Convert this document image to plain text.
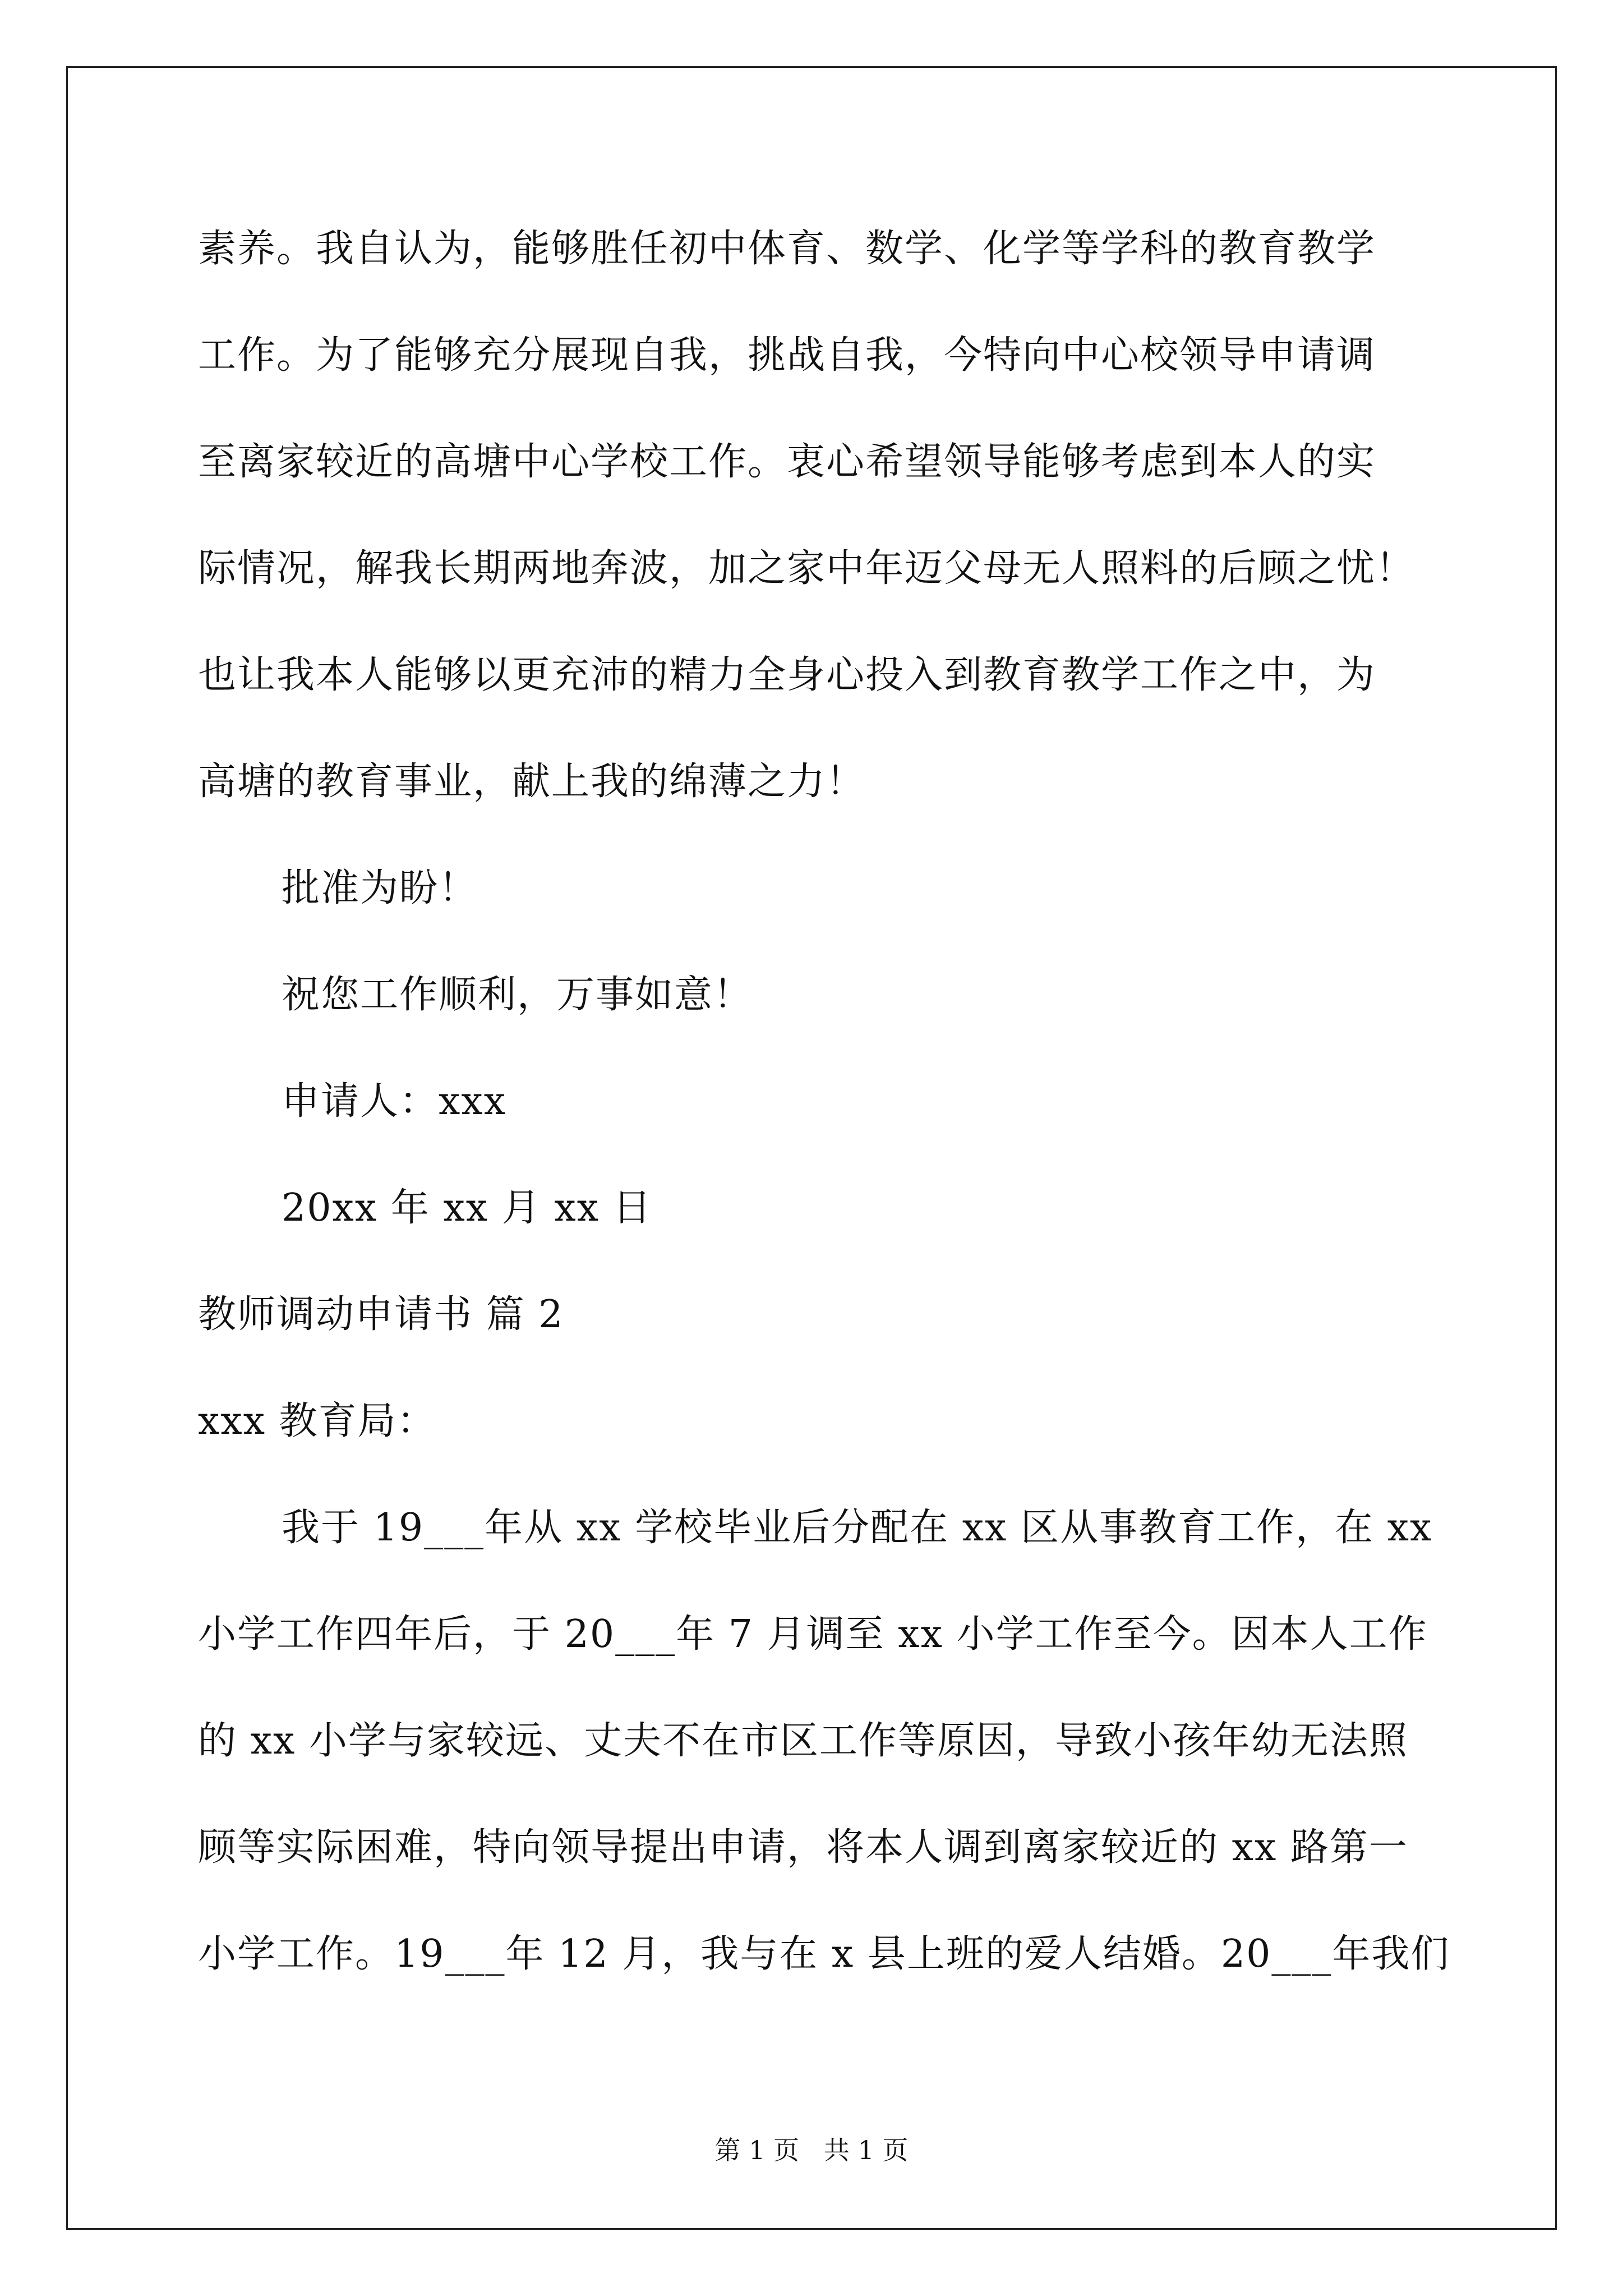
素养。我自认为，能够胜任初中体育、数学、化学等学科的教育教学
工作。为了能够充分展现自我，挑战自我，今特向中心校领导申请调
至离家较近的高塘中心学校工作。衷心希望领导能够考虑到本人的实
际情况，解我长期两地奔波，加之家中年迈父母无人照料的后顾之忧！
也让我本人能够以更充沛的精力全身心投入到教育教学工作之中，为
高塘的教育事业，献上我的绵薄之力！
批准为盼！
祝您工作顺利，万事如意！
申请人：xxx
20xx 年 xx 月 xx 日
教师调动申请书 篇 2
xxx 教育局：
我于 19___年从 xx 学校毕业后分配在 xx 区从事教育工作，在 xx
小学工作四年后，于 20___年 7 月调至 xx 小学工作至今。因本人工作
的 xx 小学与家较远、丈夫不在市区工作等原因，导致小孩年幼无法照
顾等实际困难，特向领导提出申请，将本人调到离家较近的 xx 路第一
小学工作。19___年 12 月，我与在 x 县上班的爱人结婚。20___年我们
第 1 页   共 1 页
